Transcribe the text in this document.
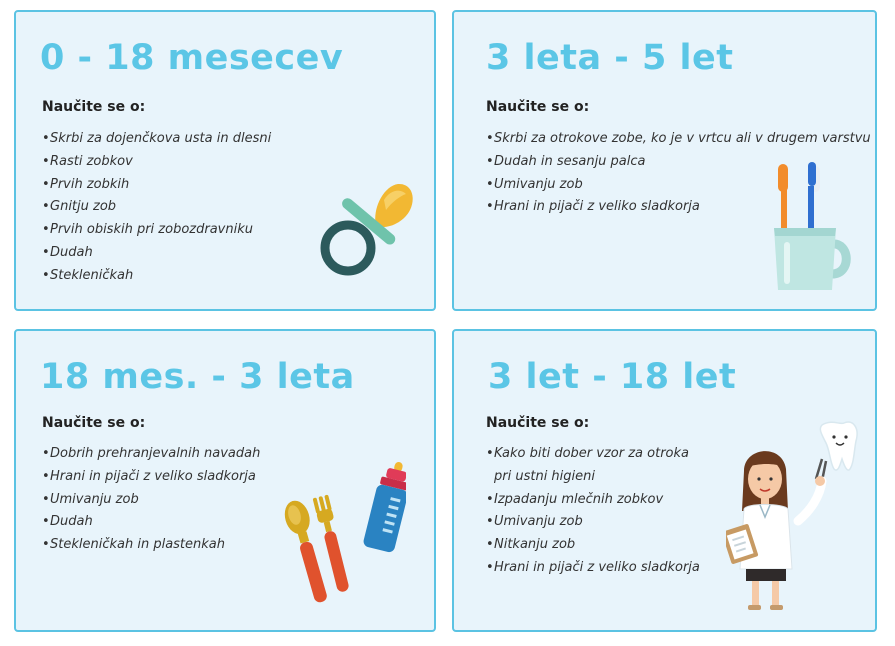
0 - 18 mesecev

Naučite se o:

• Skrbi za dojenčkova usta in dlesni
• Rasti zobkov
• Prvih zobkih
• Gnitju zob
• Prvih obiskih pri zobozdravniku
• Dudah
• Stekleničkah
3 leta - 5 let

Naučite se o:

• Skrbi za otrokove zobe, ko je v vrtcu ali v drugem varstvu
• Dudah in sesanju palca
• Umivanju zob
• Hrani in pijači z veliko sladkorja
18 mes. - 3 leta

Naučite se o:

• Dobrih prehranjevalnih navadah
• Hrani in pijači z veliko sladkorja
• Umivanju zob
• Dudah
• Stekleničkah in plastenkah
3 let - 18 let

Naučite se o:

• Kako biti dober vzor za otroka pri ustni higieni
• Izpadanju mlečnih zobkov
• Umivanju zob
• Nitkanju zob
• Hrani in pijači z veliko sladkorja
